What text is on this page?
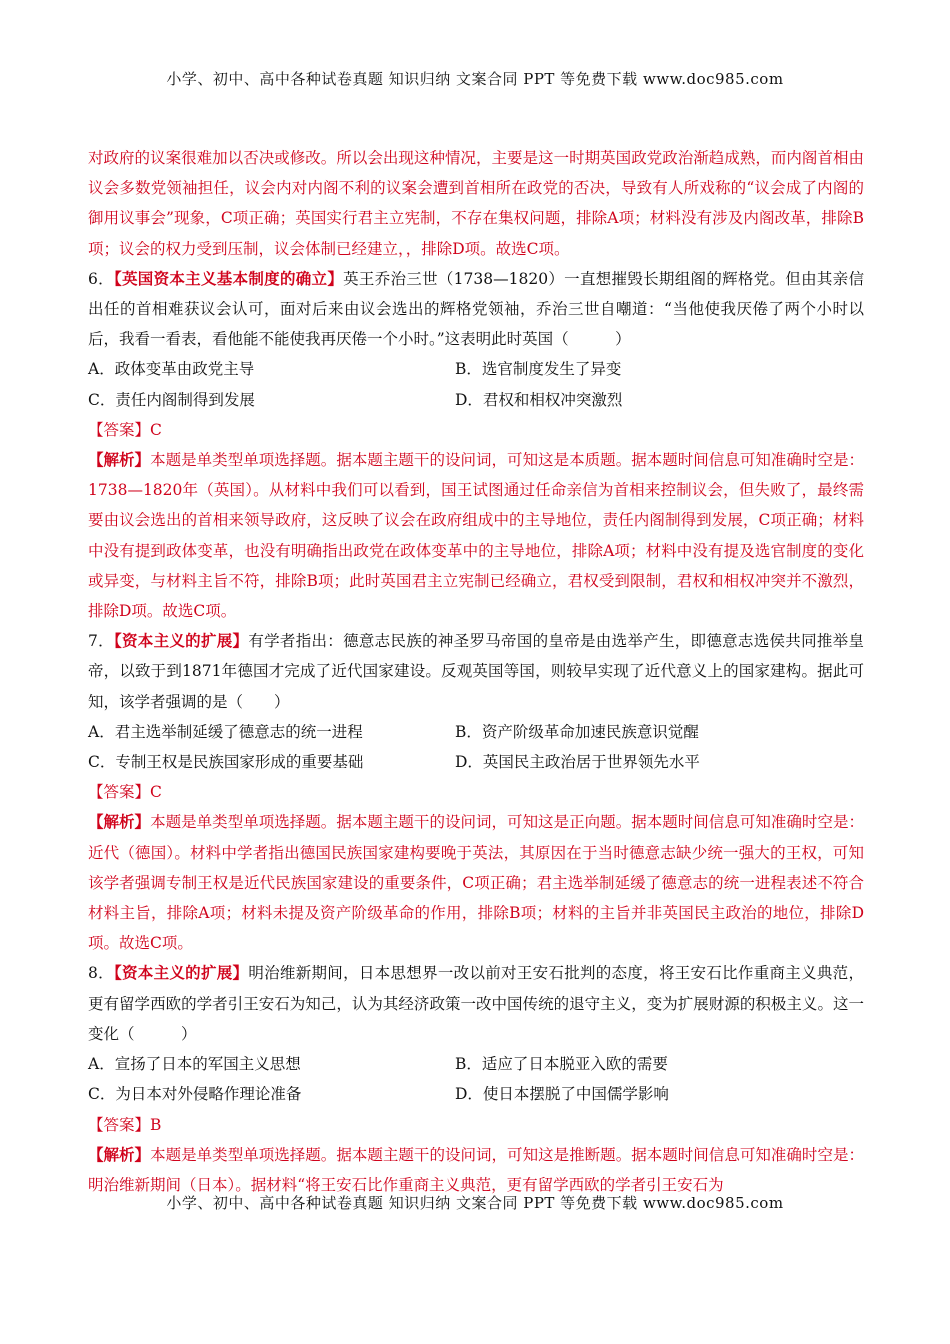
小学、初中、高中各种试卷真题 知识归纳 文案合同 PPT 等免费下载 www.doc985.com

对政府的议案很难加以否决或修改。所以会出现这种情况，主要是这一时期英国政党政治渐趋成熟，而内阁首相由议会多数党领袖担任，议会内对内阁不利的议案会遭到首相所在政党的否决，导致有人所戏称的“议会成了内阁的御用议事会”现象，C项正确；英国实行君主立宪制，不存在集权问题，排除A项；材料没有涉及内阁改革，排除B项；议会的权力受到压制，议会体制已经建立，，排除D项。故选C项。

6．【英国资本主义基本制度的确立】英王乔治三世（1738—1820）一直想摧毁长期组阁的辉格党。但由其亲信出任的首相难获议会认可，面对后来由议会选出的辉格党领袖，乔治三世自嘲道：“当他使我厌倦了两个小时以后，我看一看表，看他能不能使我再厌倦一个小时。”这表明此时英国（　　　）

A．政体变革由政党主导	B．选官制度发生了异变
C．责任内阁制得到发展	D．君权和相权冲突激烈

【答案】C

【解析】本题是单类型单项选择题。据本题主题干的设问词，可知这是本质题。据本题时间信息可知准确时空是：1738—1820年（英国）。从材料中我们可以看到，国王试图通过任命亲信为首相来控制议会，但失败了，最终需要由议会选出的首相来领导政府，这反映了议会在政府组成中的主导地位，责任内阁制得到发展，C项正确；材料中没有提到政体变革，也没有明确指出政党在政体变革中的主导地位，排除A项；材料中没有提及选官制度的变化或异变，与材料主旨不符，排除B项；此时英国君主立宪制已经确立，君权受到限制，君权和相权冲突并不激烈，排除D项。故选C项。

7．【资本主义的扩展】有学者指出：德意志民族的神圣罗马帝国的皇帝是由选举产生，即德意志选侯共同推举皇帝，以致于到1871年德国才完成了近代国家建设。反观英国等国，则较早实现了近代意义上的国家建构。据此可知，该学者强调的是（　　）

A．君主选举制延缓了德意志的统一进程	B．资产阶级革命加速民族意识觉醒
C．专制王权是民族国家形成的重要基础	D．英国民主政治居于世界领先水平

【答案】C

【解析】本题是单类型单项选择题。据本题主题干的设问词，可知这是正向题。据本题时间信息可知准确时空是：近代（德国）。材料中学者指出德国民族国家建构要晚于英法，其原因在于当时德意志缺少统一强大的王权，可知该学者强调专制王权是近代民族国家建设的重要条件，C项正确；君主选举制延缓了德意志的统一进程表述不符合材料主旨，排除A项；材料未提及资产阶级革命的作用，排除B项；材料的主旨并非英国民主政治的地位，排除D项。故选C项。

8．【资本主义的扩展】明治维新期间，日本思想界一改以前对王安石批判的态度，将王安石比作重商主义典范，更有留学西欧的学者引王安石为知己，认为其经济政策一改中国传统的退守主义，变为扩展财源的积极主义。这一变化（　　　）

A．宣扬了日本的军国主义思想	B．适应了日本脱亚入欧的需要
C．为日本对外侵略作理论准备	D．使日本摆脱了中国儒学影响

【答案】B

【解析】本题是单类型单项选择题。据本题主题干的设问词，可知这是推断题。据本题时间信息可知准确时空是：明治维新期间（日本）。据材料“将王安石比作重商主义典范，更有留学西欧的学者引王安石为

小学、初中、高中各种试卷真题 知识归纳 文案合同 PPT 等免费下载 www.doc985.com
